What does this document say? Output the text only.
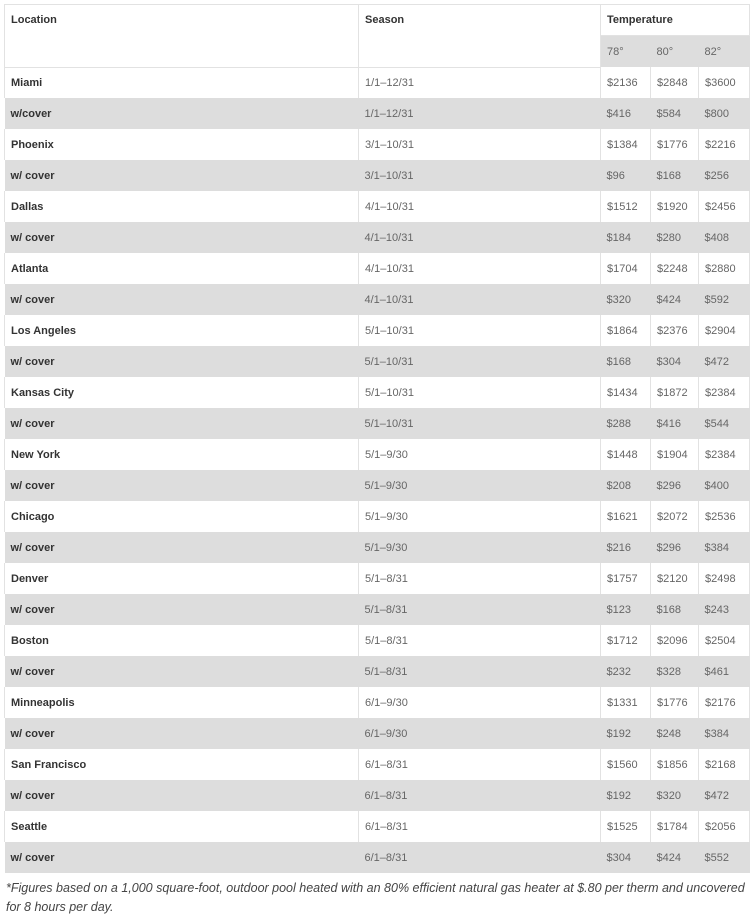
Location	Season	Temperature		
		78°	80°	82°
Miami	1/1–12/31	$2136	$2848	$3600
w/cover	1/1–12/31	$416	$584	$800
Phoenix	3/1–10/31	$1384	$1776	$2216
w/ cover	3/1–10/31	$96	$168	$256
Dallas	4/1–10/31	$1512	$1920	$2456
w/ cover	4/1–10/31	$184	$280	$408
Atlanta	4/1–10/31	$1704	$2248	$2880
w/ cover	4/1–10/31	$320	$424	$592
Los Angeles	5/1–10/31	$1864	$2376	$2904
w/ cover	5/1–10/31	$168	$304	$472
Kansas City	5/1–10/31	$1434	$1872	$2384
w/ cover	5/1–10/31	$288	$416	$544
New York	5/1–9/30	$1448	$1904	$2384
w/ cover	5/1–9/30	$208	$296	$400
Chicago	5/1–9/30	$1621	$2072	$2536
w/ cover	5/1–9/30	$216	$296	$384
Denver	5/1–8/31	$1757	$2120	$2498
w/ cover	5/1–8/31	$123	$168	$243
Boston	5/1–8/31	$1712	$2096	$2504
w/ cover	5/1–8/31	$232	$328	$461
Minneapolis	6/1–9/30	$1331	$1776	$2176
w/ cover	6/1–9/30	$192	$248	$384
San Francisco	6/1–8/31	$1560	$1856	$2168
w/ cover	6/1–8/31	$192	$320	$472
Seattle	6/1–8/31	$1525	$1784	$2056
w/ cover	6/1–8/31	$304	$424	$552
*Figures based on a 1,000 square-foot, outdoor pool heated with an 80% efficient natural gas heater at $.80 per therm and uncovered for 8 hours per day.
